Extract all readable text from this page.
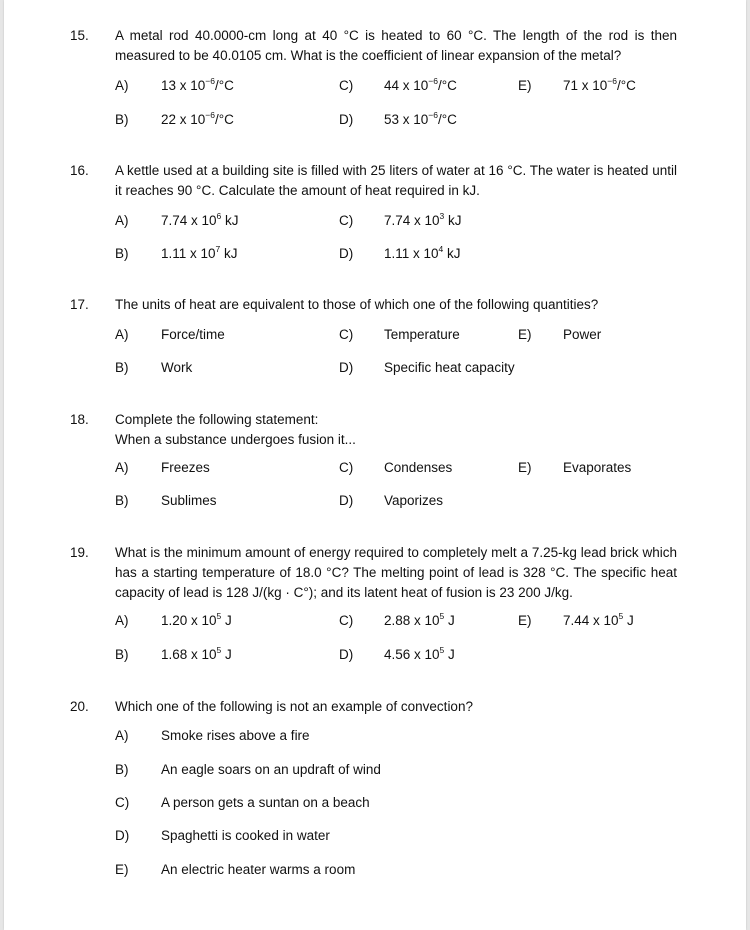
15. A metal rod 40.0000-cm long at 40 °C is heated to 60 °C. The length of the rod is then measured to be 40.0105 cm. What is the coefficient of linear expansion of the metal?
A) 13 x $10^{-6}/^\circ C$
B) 22 x $10^{-6}/^\circ C$
C) 44 x $10^{-6}/^\circ C$
D) 53 x $10^{-6}/^\circ C$
E) 71 x $10^{-6}/^\circ C$
16. A kettle used at a building site is filled with 25 liters of water at 16 °C. The water is heated until it reaches 90 °C. Calculate the amount of heat required in kJ.
A) 7.74 x $10^6$ kJ
B) 1.11 x $10^7$ kJ
C) 7.74 x $10^3$ kJ
D) 1.11 x $10^4$ kJ
17. The units of heat are equivalent to those of which one of the following quantities?
A) Force/time
B) Work
C) Temperature
D) Specific heat capacity
E) Power
18. Complete the following statement:
When a substance undergoes fusion it...
A) Freezes
B) Sublimes
C) Condenses
D) Vaporizes
E) Evaporates
19. What is the minimum amount of energy required to completely melt a 7.25-kg lead brick which has a starting temperature of 18.0 °C? The melting point of lead is 328 °C. The specific heat capacity of lead is 128 J/(kg · C°); and its latent heat of fusion is 23 200 J/kg.
A) 1.20 x $10^5$ J
B) 1.68 x $10^5$ J
C) 2.88 x $10^5$ J
D) 4.56 x $10^5$ J
E) 7.44 x $10^5$ J
20. Which one of the following is not an example of convection?
A) Smoke rises above a fire
B) An eagle soars on an updraft of wind
C) A person gets a suntan on a beach
D) Spaghetti is cooked in water
E) An electric heater warms a room
